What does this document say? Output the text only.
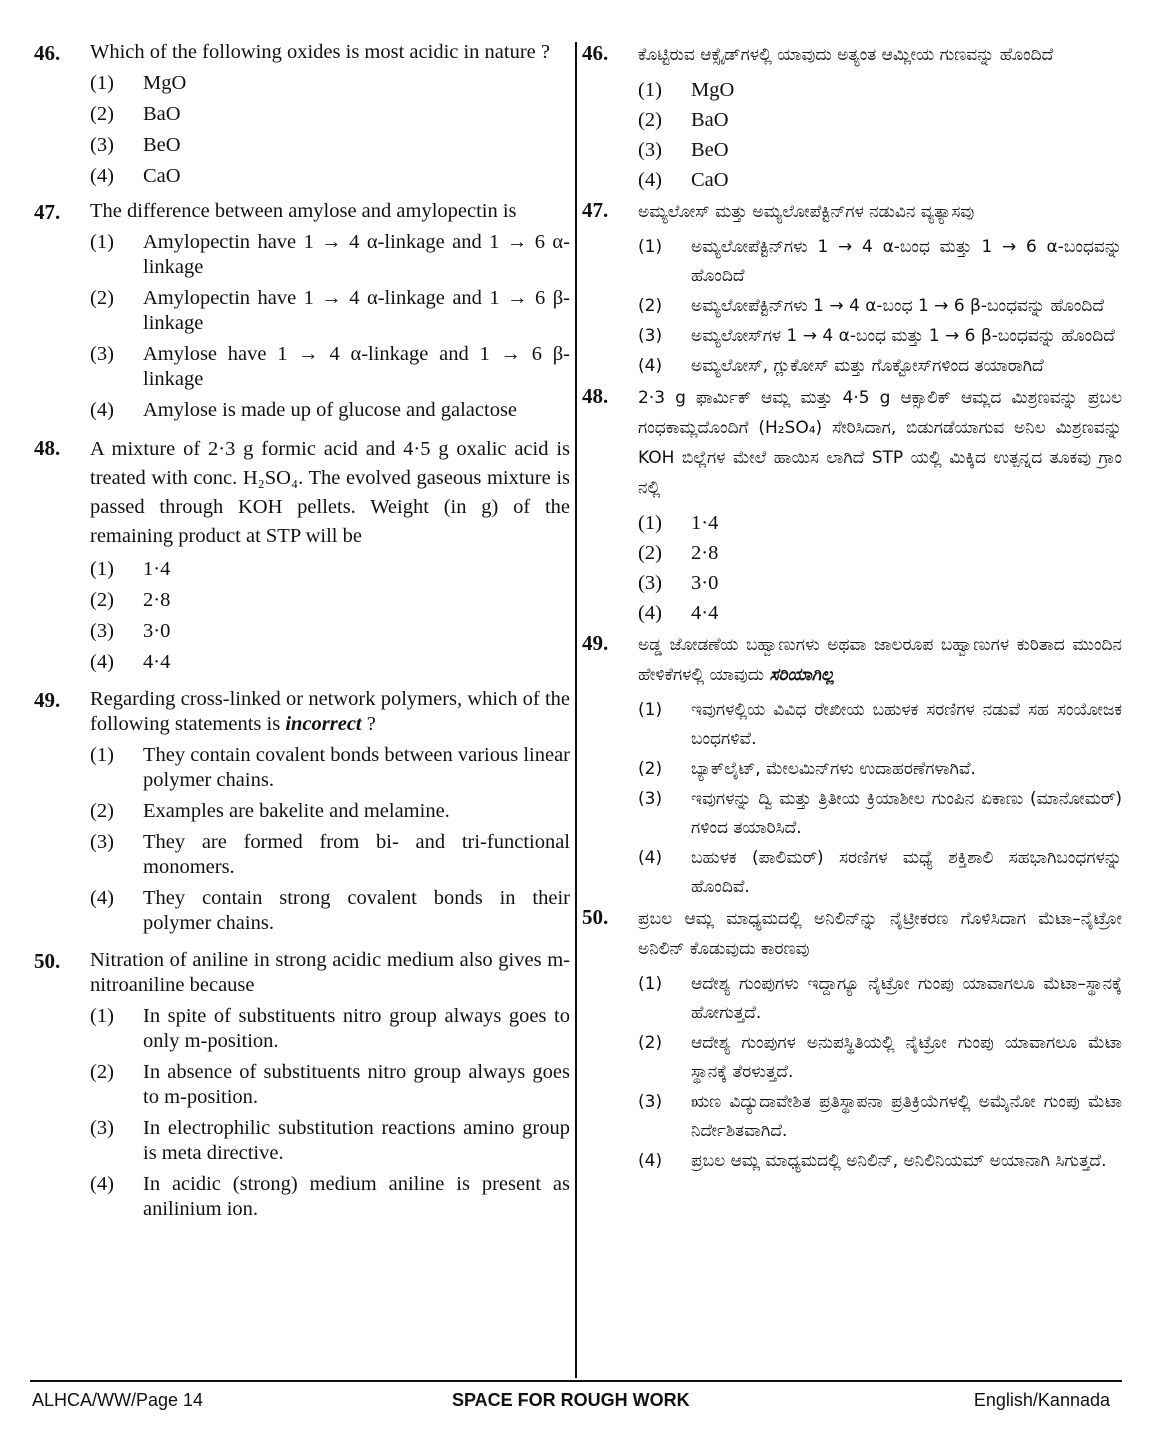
46. Which of the following oxides is most acidic in nature ?
(1) MgO
(2) BaO
(3) BeO
(4) CaO
47. The difference between amylose and amylopectin is
(1) Amylopectin have 1 → 4 α-linkage and 1 → 6 α-linkage
(2) Amylopectin have 1 → 4 α-linkage and 1 → 6 β-linkage
(3) Amylose have 1 → 4 α-linkage and 1 → 6 β-linkage
(4) Amylose is made up of glucose and galactose
48. A mixture of 2·3 g formic acid and 4·5 g oxalic acid is treated with conc. H₂SO₄. The evolved gaseous mixture is passed through KOH pellets. Weight (in g) of the remaining product at STP will be
(1) 1·4
(2) 2·8
(3) 3·0
(4) 4·4
49. Regarding cross-linked or network polymers, which of the following statements is incorrect ?
(1) They contain covalent bonds between various linear polymer chains.
(2) Examples are bakelite and melamine.
(3) They are formed from bi- and tri-functional monomers.
(4) They contain strong covalent bonds in their polymer chains.
50. Nitration of aniline in strong acidic medium also gives m-nitroaniline because
(1) In spite of substituents nitro group always goes to only m-position.
(2) In absence of substituents nitro group always goes to m-position.
(3) In electrophilic substitution reactions amino group is meta directive.
(4) In acidic (strong) medium aniline is present as anilinium ion.
46. ಕೊಟ್ಟಿರುವ ಆಕ್ಸೈಡ್‌ಗಳಲ್ಲಿ ಯಾವುದು ಅತ್ಯಂತ ಆಮ್ಲೀಯ ಗುಣವನ್ನು ಹೊಂದಿದೆ
(1) MgO
(2) BaO
(3) BeO
(4) CaO
47. ಅಮ್ಯಲೋಸ್ ಮತ್ತು ಅಮ್ಯಲೋಪೆಕ್ಟಿನ್‌ಗಳ ನಡುವಿನ ವ್ಯತ್ಯಾಸವು
(1) ಅಮ್ಯಲೋಪೆಕ್ಟಿನ್‌ಗಳು 1 → 4 α-ಬಂಧ ಮತ್ತು 1 → 6 α-ಬಂಧವನ್ನು ಹೊಂದಿದೆ
(2) ಅಮ್ಯಲೋಪೆಕ್ಟಿನ್‌ಗಳು 1 → 4 α-ಬಂಧ 1 → 6 β-ಬಂಧವನ್ನು ಹೊಂದಿದೆ
(3) ಅಮ್ಯಲೋಸ್‌ಗಳ 1 → 4 α-ಬಂಧ ಮತ್ತು 1 → 6 β-ಬಂಧವನ್ನು ಹೊಂದಿದೆ
(4) ಅಮ್ಯಲೋಸ್, ಗ್ಲುಕೋಸ್ ಮತ್ತು ಗೊಕ್ಟೋಸ್‌ಗಳಿಂದ ತಯಾರಾಗಿದೆ
48. 2·3 g ಫಾರ್ಮಿಕ್ ಆಮ್ಲ ಮತ್ತು 4·5 g ಆಕ್ಸಾಲಿಕ್ ಆಮ್ಲದ ಮಿಶ್ರಣವನ್ನು ಪ್ರಬಲ ಗಂಧಕಾಮ್ಲದೊಂದಿಗೆ (H₂SO₄) ಸೇರಿಸಿದಾಗ, ಬಿಡುಗಡೆಯಾಗುವ ಅನಿಲ ಮಿಶ್ರಣವನ್ನು KOH ಬಿಲ್ಲೆಗಳ ಮೇಲೆ ಹಾಯಿಸ ಲಾಗಿದೆ STP ಯಲ್ಲಿ ಮಿಕ್ಕಿದ ಉತ್ಪನ್ನದ ತೂಕವು ಗ್ರಾಂ ನಲ್ಲಿ
(1) 1·4
(2) 2·8
(3) 3·0
(4) 4·4
49. ಅಡ್ಡ ಜೋಡಣೆಯ ಬಹ್ವಾಣುಗಳು ಅಥವಾ ಜಾಲರೂಪ ಬಹ್ವಾಣುಗಳ ಕುರಿತಾದ ಮುಂದಿನ ಹೇಳಿಕೆಗಳಲ್ಲಿ ಯಾವುದು ಸರಿಯಾಗಿಲ್ಲ
(1) ಇವುಗಳಲ್ಲಿಯ ವಿವಿಧ ರೇಖೀಯ ಬಹುಳಕ ಸರಣಿಗಳ ನಡುವೆ ಸಹ ಸಂಯೋಜಕ ಬಂಧಗಳಿವೆ.
(2) ಬ್ಯಾಕ್‌ಲೈಟ್, ಮೇಲಮಿನ್‌ಗಳು ಉದಾಹರಣೆಗಳಾಗಿವೆ.
(3) ಇವುಗಳನ್ನು ದ್ವಿ ಮತ್ತು ತ್ರಿತೀಯ ಕ್ರಿಯಾಶೀಲ ಗುಂಪಿನ ಏಕಾಣು (ಮಾನೋಮರ್) ಗಳಿಂದ ತಯಾರಿಸಿದೆ.
(4) ಬಹುಳಕ (ಪಾಲಿಮರ್) ಸರಣಿಗಳ ಮಧ್ಯೆ ಶಕ್ತಿಶಾಲಿ ಸಹಭಾಗಿಬಂಧಗಳನ್ನು ಹೊಂದಿವೆ.
50. ಪ್ರಬಲ ಆಮ್ಲ ಮಾಧ್ಯಮದಲ್ಲಿ ಅನಿಲಿನ್‌ನ್ನು ನೈಟ್ರೀಕರಣ ಗೊಳಿಸಿದಾಗ ಮೆಟಾ–ನೈಟ್ರೋ ಅನಿಲಿನ್ ಕೊಡುವುದು ಕಾರಣವು
(1) ಆದೇಶ್ಯ ಗುಂಪುಗಳು ಇದ್ದಾಗ್ಯೂ ನೈಟ್ರೋ ಗುಂಪು ಯಾವಾಗಲೂ ಮೆಟಾ–ಸ್ಥಾನಕ್ಕೆ ಹೋಗುತ್ತದೆ.
(2) ಆದೇಶ್ಯ ಗುಂಪುಗಳ ಅನುಪಸ್ಥಿತಿಯಲ್ಲಿ ನೈಟ್ರೋ ಗುಂಪು ಯಾವಾಗಲೂ ಮೆಟಾ ಸ್ಥಾನಕ್ಕೆ ತೆರಳುತ್ತದೆ.
(3) ಋಣ ವಿದ್ಯುದಾವೇಶಿತ ಪ್ರತಿಸ್ಥಾಪನಾ ಪ್ರತಿಕ್ರಿಯೆಗಳಲ್ಲಿ ಅಮೈನೋ ಗುಂಪು ಮೆಟಾ ನಿರ್ದೇಶಿತವಾಗಿದೆ.
(4) ಪ್ರಬಲ ಆಮ್ಲ ಮಾಧ್ಯಮದಲ್ಲಿ ಅನಿಲಿನ್, ಅನಿಲಿನಿಯಮ್ ಅಯಾನಾಗಿ ಸಿಗುತ್ತದೆ.
ALHCA/WW/Page 14	SPACE FOR ROUGH WORK	English/Kannada
